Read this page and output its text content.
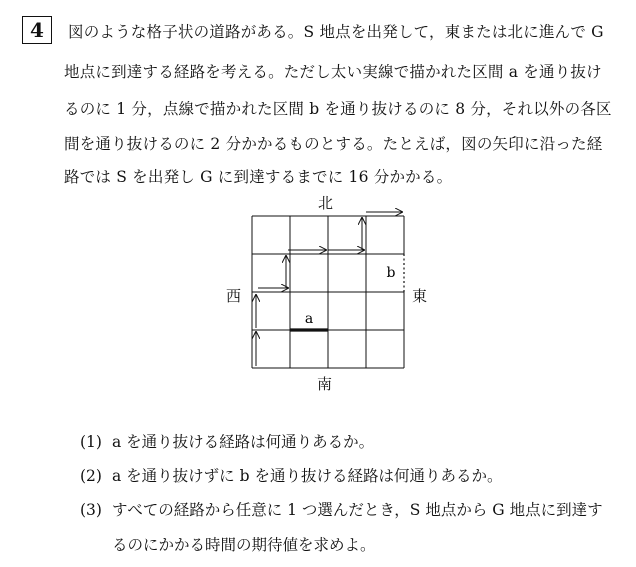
4	図のような格子状の道路がある。S 地点を出発して，東または北に進んで G
地点に到達する経路を考える。ただし太い実線で描かれた区間 a を通り抜け
るのに 1 分，点線で描かれた区間 b を通り抜けるのに 8 分，それ以外の各区
間を通り抜けるのに 2 分かかるものとする。たとえば，図の矢印に沿った経
路では S を出発し G に到達するまでに 16 分かかる。
北
西	東
南
a
b
(1) a を通り抜ける経路は何通りあるか。
(2) a を通り抜けずに b を通り抜ける経路は何通りあるか。
(3) すべての経路から任意に 1 つ選んだとき，S 地点から G 地点に到達す
るのにかかる時間の期待値を求めよ。
